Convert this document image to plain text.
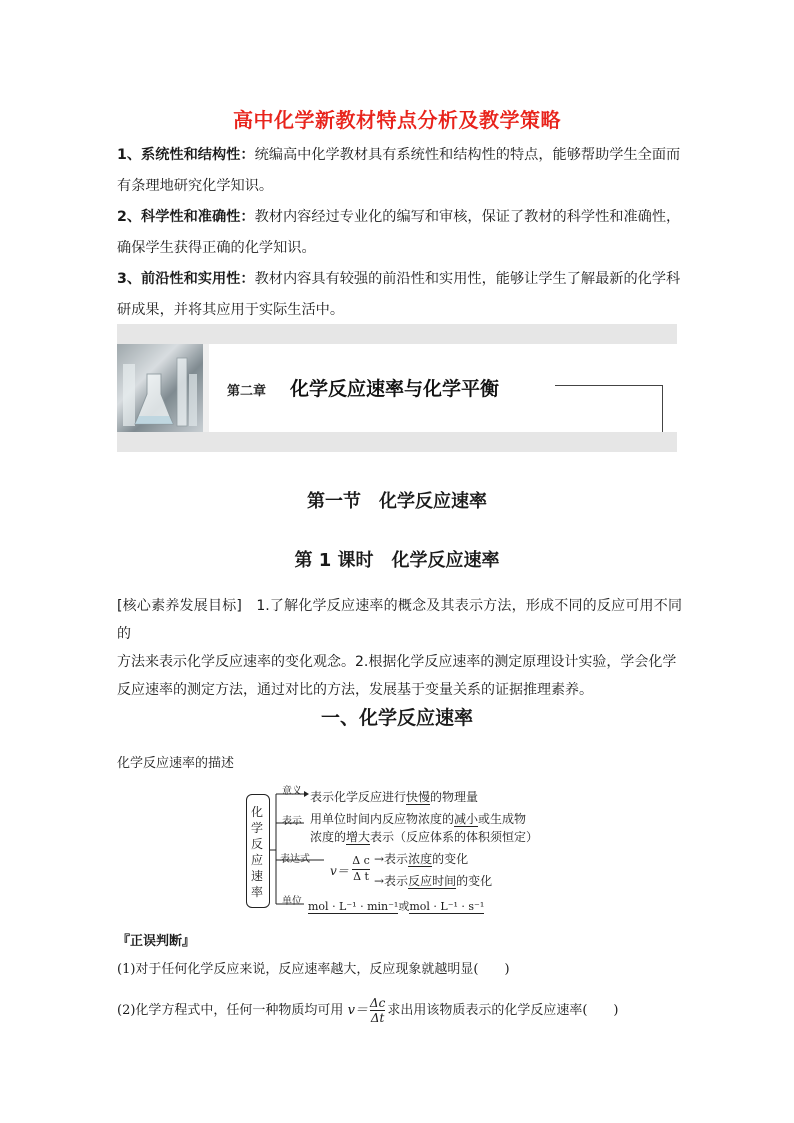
高中化学新教材特点分析及教学策略
1、系统性和结构性：统编高中化学教材具有系统性和结构性的特点，能够帮助学生全面而
有条理地研究化学知识。
2、科学性和准确性：教材内容经过专业化的编写和审核，保证了教材的科学性和准确性，
确保学生获得正确的化学知识。
3、前沿性和实用性：教材内容具有较强的前沿性和实用性，能够让学生了解最新的化学科
研成果，并将其应用于实际生活中。
第二章 化学反应速率与化学平衡
第一节　化学反应速率
第 1 课时　化学反应速率
[核心素养发展目标]　1.了解化学反应速率的概念及其表示方法，形成不同的反应可用不同的
方法来表示化学反应速率的变化观念。2.根据化学反应速率的测定原理设计实验，学会化学
反应速率的测定方法，通过对比的方法，发展基于变量关系的证据推理素养。
一、化学反应速率
化学反应速率的描述
化
学
反
应
速
率
意义 表示化学反应进行快慢的物理量
表示 用单位时间内反应物浓度的减小或生成物
浓度的增大表示（反应体系的体积须恒定）
表达式
v＝
Δ c
Δ t
→表示浓度的变化
→表示反应时间的变化
单位 mol · L⁻¹ · min⁻¹或mol · L⁻¹ · s⁻¹
『正误判断』
(1)对于任何化学反应来说，反应速率越大，反应现象就越明显(　　)
(2)化学方程式中，任何一种物质均可用 $v= \frac{\Delta c}{\Delta t}$ 求出用该物质表示的化学反应速率(　　)
